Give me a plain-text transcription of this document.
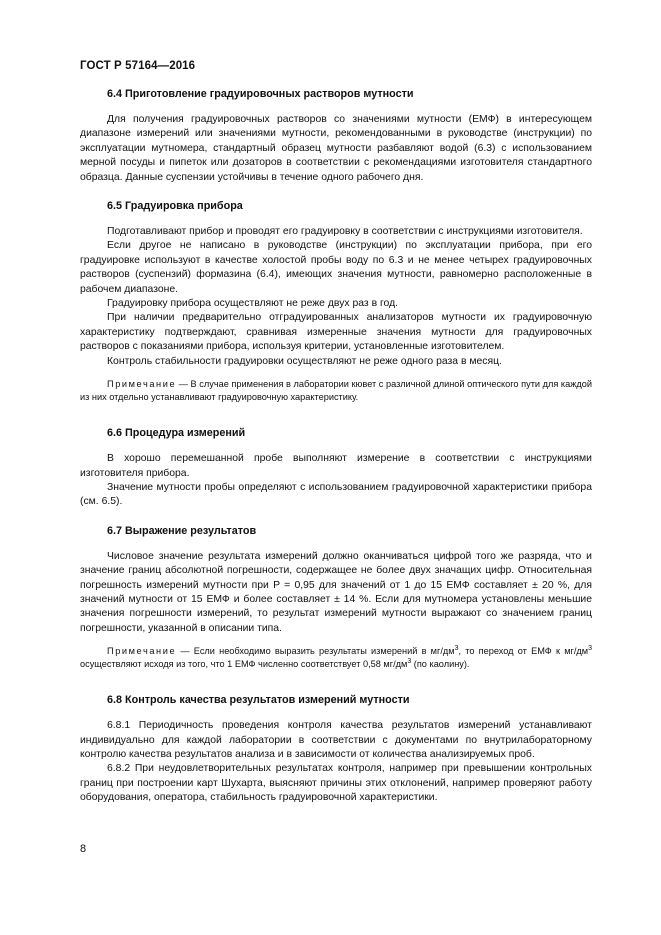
ГОСТ Р 57164—2016
6.4 Приготовление градуировочных растворов мутности

Для получения градуировочных растворов со значениями мутности (ЕМФ) в интересующем диапазоне измерений или значениями мутности, рекомендованными в руководстве (инструкции) по эксплуатации мутномера, стандартный образец мутности разбавляют водой (6.3) с использованием мерной посуды и пипеток или дозаторов в соответствии с рекомендациями изготовителя стандартного образца. Данные суспензии устойчивы в течение одного рабочего дня.

6.5 Градуировка прибора

Подготавливают прибор и проводят его градуировку в соответствии с инструкциями изготовителя.

Если другое не написано в руководстве (инструкции) по эксплуатации прибора, при его градуировке используют в качестве холостой пробы воду по 6.3 и не менее четырех градуировочных растворов (суспензий) формазина (6.4), имеющих значения мутности, равномерно расположенные в рабочем диапазоне.

Градуировку прибора осуществляют не реже двух раз в год.

При наличии предварительно отградуированных анализаторов мутности их градуировочную характеристику подтверждают, сравнивая измеренные значения мутности для градуировочных растворов с показаниями прибора, используя критерии, установленные изготовителем.

Контроль стабильности градуировки осуществляют не реже одного раза в месяц.

Примечание — В случае применения в лаборатории кювет с различной длиной оптического пути для каждой из них отдельно устанавливают градуировочную характеристику.
6.6 Процедура измерений

В хорошо перемешанной пробе выполняют измерение в соответствии с инструкциями изготовителя прибора.

Значение мутности пробы определяют с использованием градуировочной характеристики прибора (см. 6.5).

6.7 Выражение результатов

Числовое значение результата измерений должно оканчиваться цифрой того же разряда, что и значение границ абсолютной погрешности, содержащее не более двух значащих цифр. Относительная погрешность измерений мутности при P = 0,95 для значений от 1 до 15 ЕМФ составляет ± 20 %, для значений мутности от 15 ЕМФ и более составляет ± 14 %. Если для мутномера установлены меньшие значения погрешности измерений, то результат измерений мутности выражают со значением границ погрешности, указанной в описании типа.

Примечание — Если необходимо выразить результаты измерений в $мг/дм^3$, то переход от ЕМФ к $мг/дм^3$ осуществляют исходя из того, что 1 ЕМФ численно соответствует 0,58 $мг/дм^3$ (по каолину).
6.8 Контроль качества результатов измерений мутности

6.8.1 Периодичность проведения контроля качества результатов измерений устанавливают индивидуально для каждой лаборатории в соответствии с документами по внутрилабораторному контролю качества результатов анализа и в зависимости от количества анализируемых проб.

6.8.2 При неудовлетворительных результатах контроля, например при превышении контрольных границ при построении карт Шухарта, выясняют причины этих отклонений, например проверяют работу оборудования, оператора, стабильность градуировочной характеристики.

8
